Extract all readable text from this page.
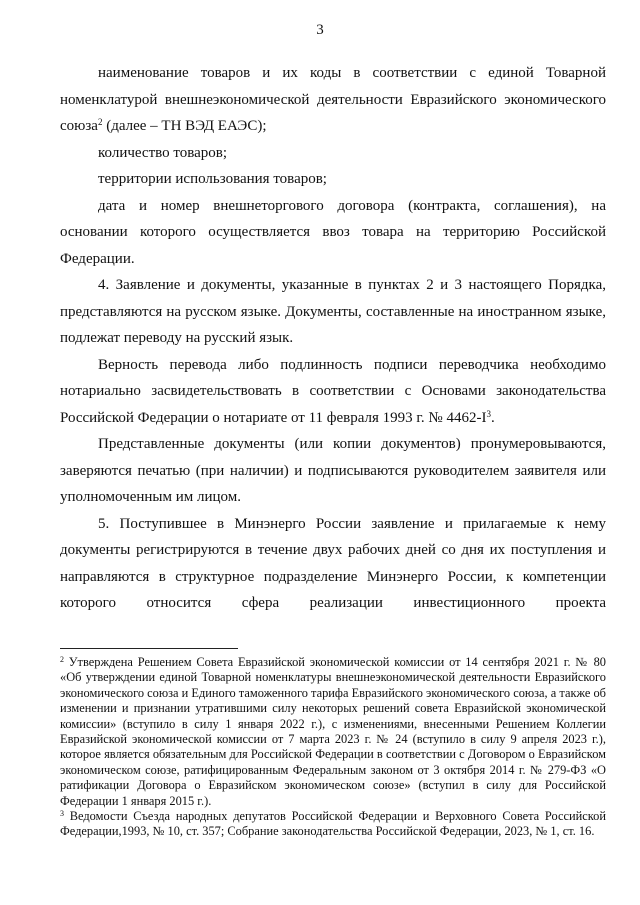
3

наименование товаров и их коды в соответствии с единой Товарной номенклатурой внешнеэкономической деятельности Евразийского экономического союза$^2$ (далее – ТН ВЭД ЕАЭС);

количество товаров;

территории использования товаров;

дата и номер внешнеторгового договора (контракта, соглашения), на основании которого осуществляется ввоз товара на территорию Российской Федерации.

4. Заявление и документы, указанные в пунктах 2 и 3 настоящего Порядка, представляются на русском языке. Документы, составленные на иностранном языке, подлежат переводу на русский язык.

Верность перевода либо подлинность подписи переводчика необходимо нотариально засвидетельствовать в соответствии с Основами законодательства Российской Федерации о нотариате от 11 февраля 1993 г. № $4462-I^3$.

Представленные документы (или копии документов) пронумеровываются, заверяются печатью (при наличии) и подписываются руководителем заявителя или уполномоченным им лицом.

5. Поступившее в Минэнерго России заявление и прилагаемые к нему документы регистрируются в течение двух рабочих дней со дня их поступления и направляются в структурное подразделение Минэнерго России, к компетенции которого относится сфера реализации инвестиционного проекта

$^2$ Утверждена Решением Совета Евразийской экономической комиссии от 14 сентября 2021 г. № 80 «Об утверждении единой Товарной номенклатуры внешнеэкономической деятельности Евразийского экономического союза и Единого таможенного тарифа Евразийского экономического союза, а также об изменении и признании утратившими силу некоторых решений совета Евразийской экономической комиссии» (вступило в силу 1 января 2022 г.), с изменениями, внесенными Решением Коллегии Евразийской экономической комиссии от 7 марта 2023 г. № 24 (вступило в силу 9 апреля 2023 г.), которое является обязательным для Российской Федерации в соответствии с Договором о Евразийском экономическом союзе, ратифицированным Федеральным законом от 3 октября 2014 г. № 279-ФЗ «О ратификации Договора о Евразийском экономическом союзе» (вступил в силу для Российской Федерации 1 января 2015 г.).

$^3$ Ведомости Съезда народных депутатов Российской Федерации и Верховного Совета Российской Федерации,1993, № 10, ст. 357; Собрание законодательства Российской Федерации, 2023, № 1, ст. 16.
